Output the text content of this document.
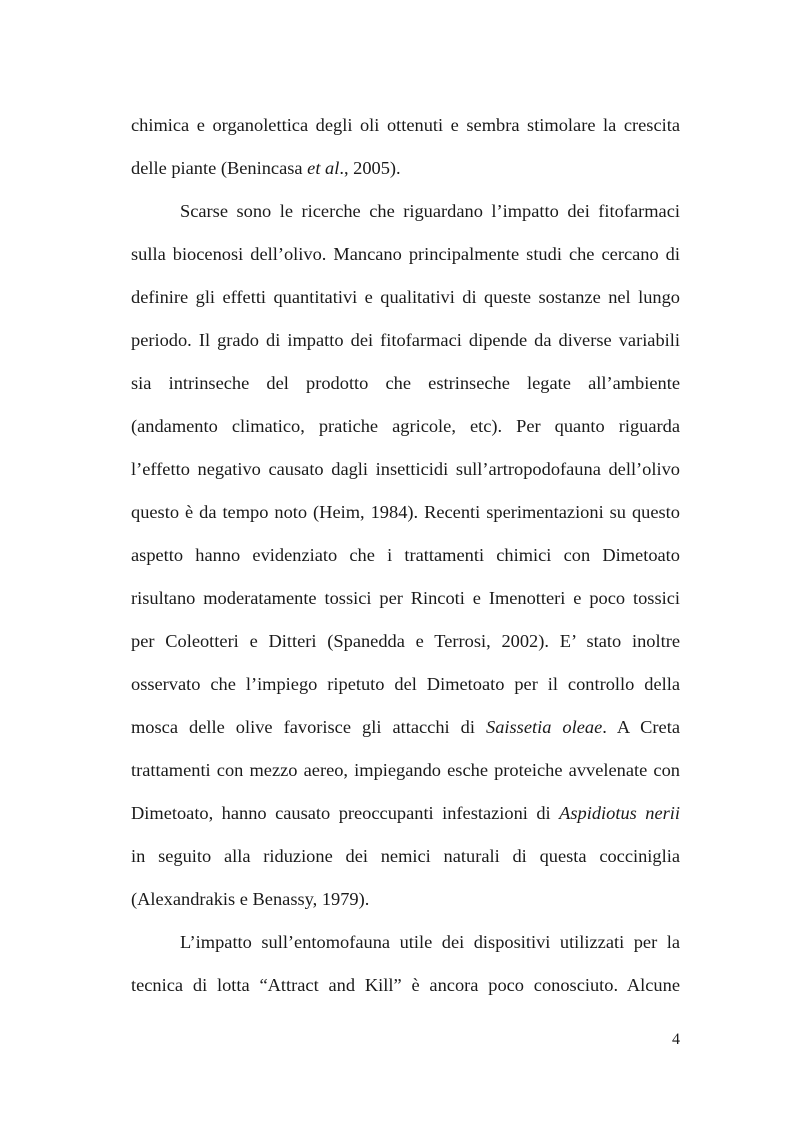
chimica e organolettica degli oli ottenuti e sembra stimolare la crescita
delle piante (Benincasa et al., 2005).
Scarse sono le ricerche che riguardano l’impatto dei fitofarmaci
sulla biocenosi dell’olivo. Mancano principalmente studi che cercano di
definire gli effetti quantitativi e qualitativi di queste sostanze nel lungo
periodo. Il grado di impatto dei fitofarmaci dipende da diverse variabili
sia intrinseche del prodotto che estrinseche legate all’ambiente
(andamento climatico, pratiche agricole, etc). Per quanto riguarda
l’effetto negativo causato dagli insetticidi sull’artropodofauna dell’olivo
questo è da tempo noto (Heim, 1984). Recenti sperimentazioni su questo
aspetto hanno evidenziato che i trattamenti chimici con Dimetoato
risultano moderatamente tossici per Rincoti e Imenotteri e poco tossici
per Coleotteri e Ditteri (Spanedda e Terrosi, 2002). E’ stato inoltre
osservato che l’impiego ripetuto del Dimetoato per il controllo della
mosca delle olive favorisce gli attacchi di Saissetia oleae. A Creta
trattamenti con mezzo aereo, impiegando esche proteiche avvelenate con
Dimetoato, hanno causato preoccupanti infestazioni di Aspidiotus nerii
in seguito alla riduzione dei nemici naturali di questa cocciniglia
(Alexandrakis e Benassy, 1979).
L’impatto sull’entomofauna utile dei dispositivi utilizzati per la
tecnica di lotta “Attract and Kill” è ancora poco conosciuto. Alcune
4
